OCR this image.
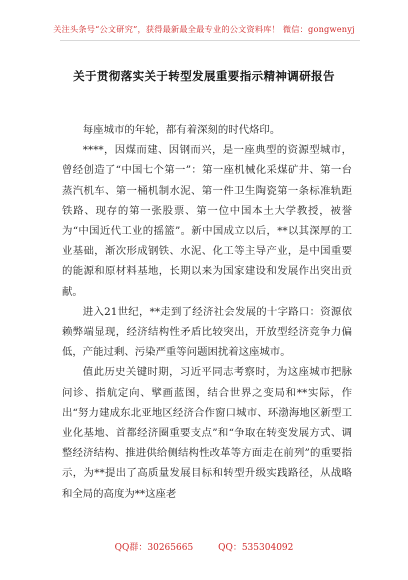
关注头条号“公文研究”，获得最新最全最专业的公文资料库！ 微信：gongwenyj
关于贯彻落实关于转型发展重要指示精神调研报告

每座城市的年轮，都有着深刻的时代烙印。

****，因煤而建、因钢而兴，是一座典型的资源型城市，曾经创造了“中国七个第一”：第一座机械化采煤矿井、第一台蒸汽机车、第一桶机制水泥、第一件卫生陶瓷第一条标准轨距铁路、现存的第一张股票、第一位中国本土大学教授，被誉为“中国近代工业的摇篮”。新中国成立以后，**以其深厚的工业基础，渐次形成钢铁、水泥、化工等主导产业，是中国重要的能源和原材料基地，长期以来为国家建设和发展作出突出贡献。

进入21世纪，**走到了经济社会发展的十字路口：资源依赖弊端显现，经济结构性矛盾比较突出，开放型经济竞争力偏低，产能过剩、污染严重等问题困扰着这座城市。

值此历史关键时期，习近平同志考察时，为这座城市把脉问诊、指航定向、擘画蓝图，结合世界之变局和**实际，作出“努力建成东北亚地区经济合作窗口城市、环渤海地区新型工业化基地、首都经济圈重要支点”和“争取在转变发展方式、调整经济结构、推进供给侧结构性改革等方面走在前列”的重要指示，为**提出了高质量发展目标和转型升级实践路径，从战略和全局的高度为**这座老

QQ群：30265665	QQ：535304092
